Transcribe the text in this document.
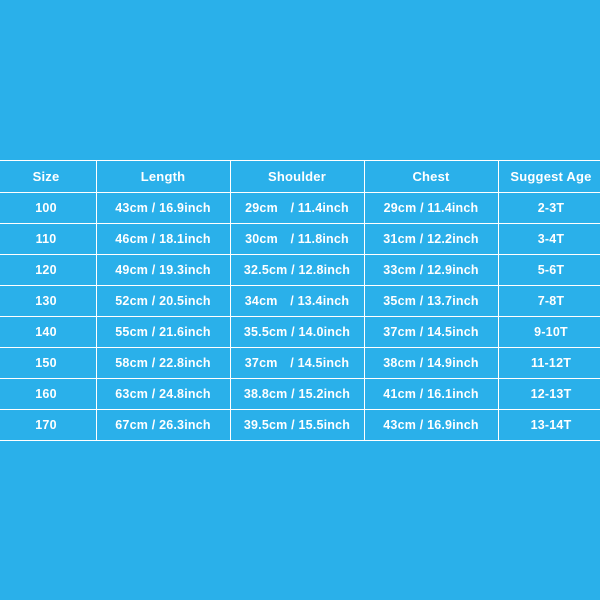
Size	Length	Shoulder	Chest	Suggest Age
100	43cm / 16.9inch	29cm　/ 11.4inch	29cm / 11.4inch	2-3T
110	46cm / 18.1inch	30cm　/ 11.8inch	31cm / 12.2inch	3-4T
120	49cm / 19.3inch	32.5cm / 12.8inch	33cm / 12.9inch	5-6T
130	52cm / 20.5inch	34cm　/ 13.4inch	35cm / 13.7inch	7-8T
140	55cm / 21.6inch	35.5cm / 14.0inch	37cm / 14.5inch	9-10T
150	58cm / 22.8inch	37cm　/ 14.5inch	38cm / 14.9inch	11-12T
160	63cm / 24.8inch	38.8cm / 15.2inch	41cm / 16.1inch	12-13T
170	67cm / 26.3inch	39.5cm / 15.5inch	43cm / 16.9inch	13-14T
